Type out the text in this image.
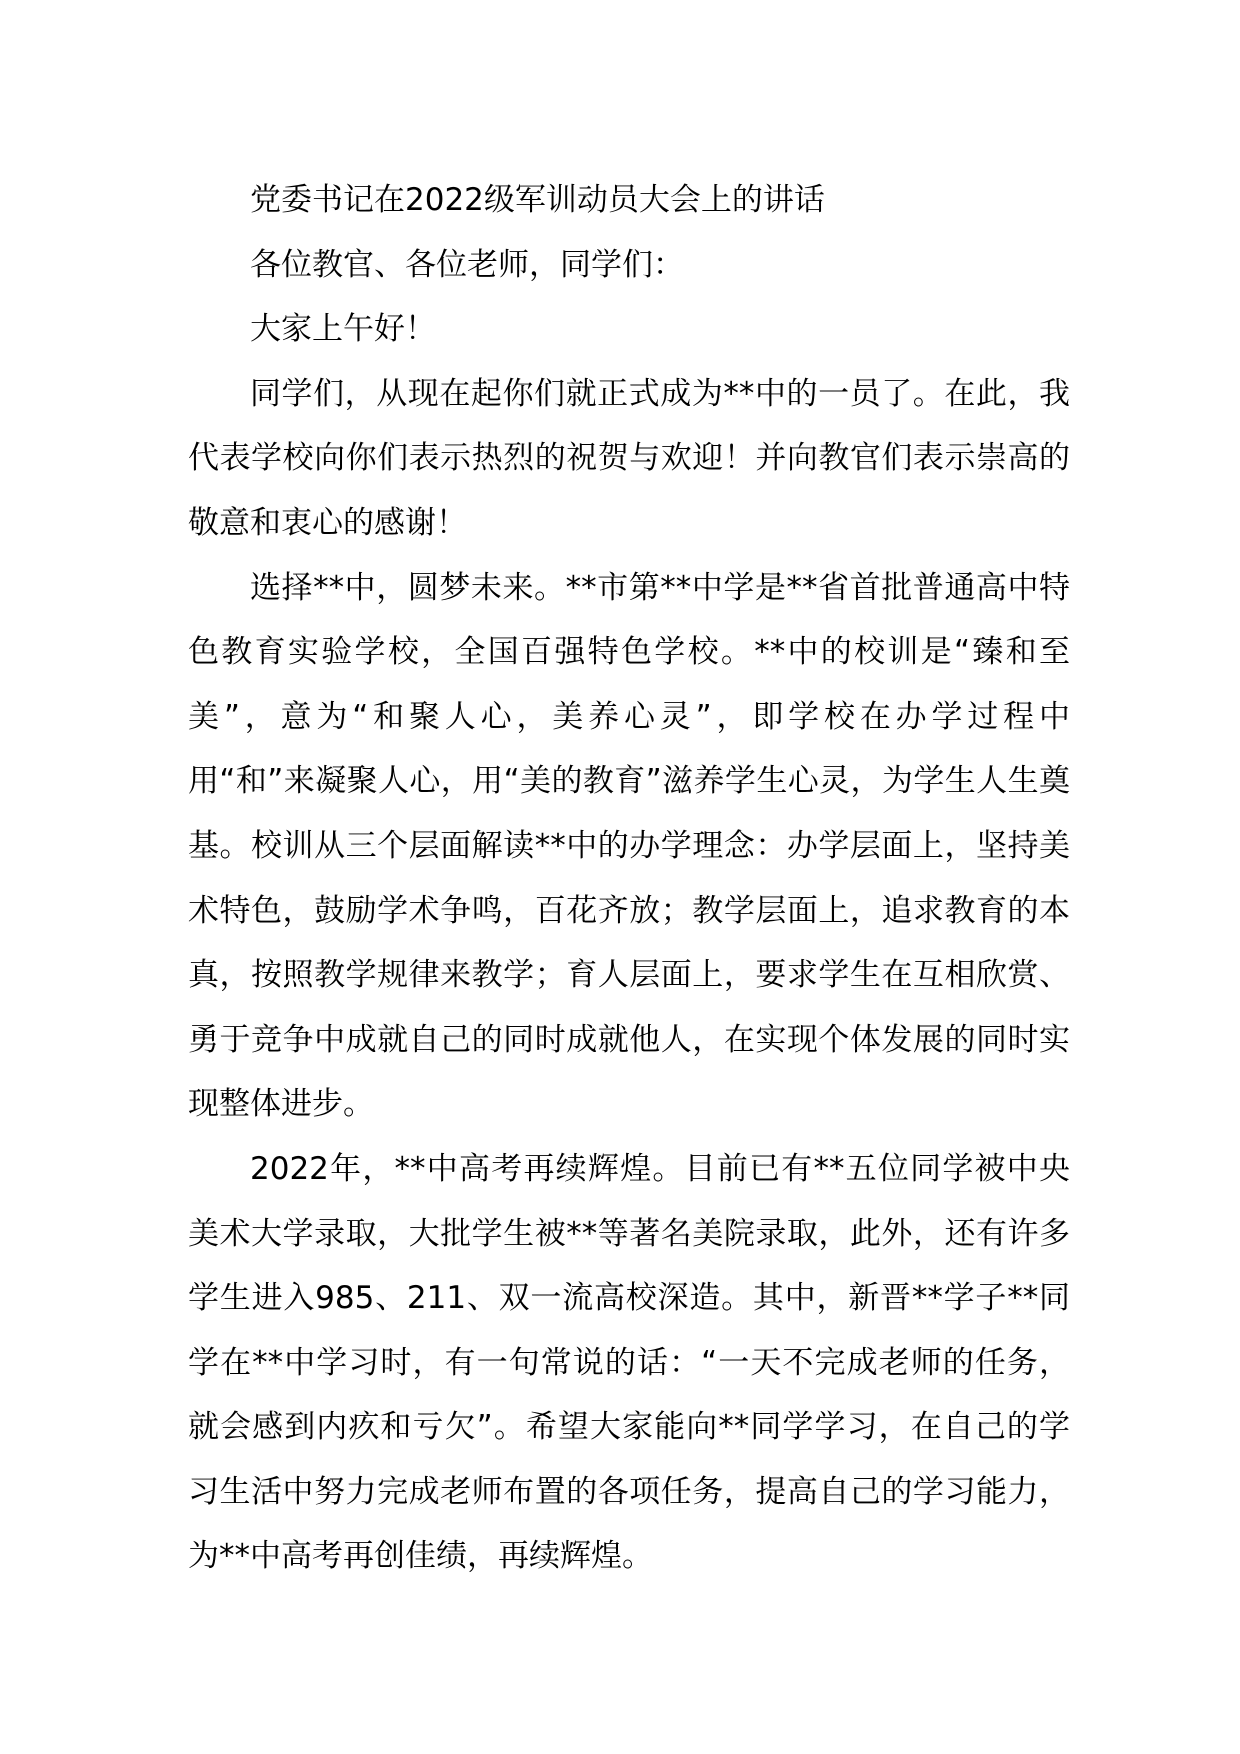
党委书记在2022级军训动员大会上的讲话

各位教官、各位老师，同学们：

大家上午好！

同学们，从现在起你们就正式成为**中的一员了。在此，我代表学校向你们表示热烈的祝贺与欢迎！并向教官们表示崇高的敬意和衷心的感谢！

选择**中，圆梦未来。**市第**中学是**省首批普通高中特色教育实验学校，全国百强特色学校。**中的校训是“臻和至美”，意为“和聚人心，美养心灵”，即学校在办学过程中用“和”来凝聚人心，用“美的教育”滋养学生心灵，为学生人生奠基。校训从三个层面解读**中的办学理念：办学层面上，坚持美术特色，鼓励学术争鸣，百花齐放；教学层面上，追求教育的本真，按照教学规律来教学；育人层面上，要求学生在互相欣赏、勇于竞争中成就自己的同时成就他人，在实现个体发展的同时实现整体进步。

2022年，**中高考再续辉煌。目前已有**五位同学被中央美术大学录取，大批学生被**等著名美院录取，此外，还有许多学生进入985、211、双一流高校深造。其中，新晋**学子**同学在**中学习时，有一句常说的话：“一天不完成老师的任务，就会感到内疚和亏欠”。希望大家能向**同学学习，在自己的学习生活中努力完成老师布置的各项任务，提高自己的学习能力，为**中高考再创佳绩，再续辉煌。
